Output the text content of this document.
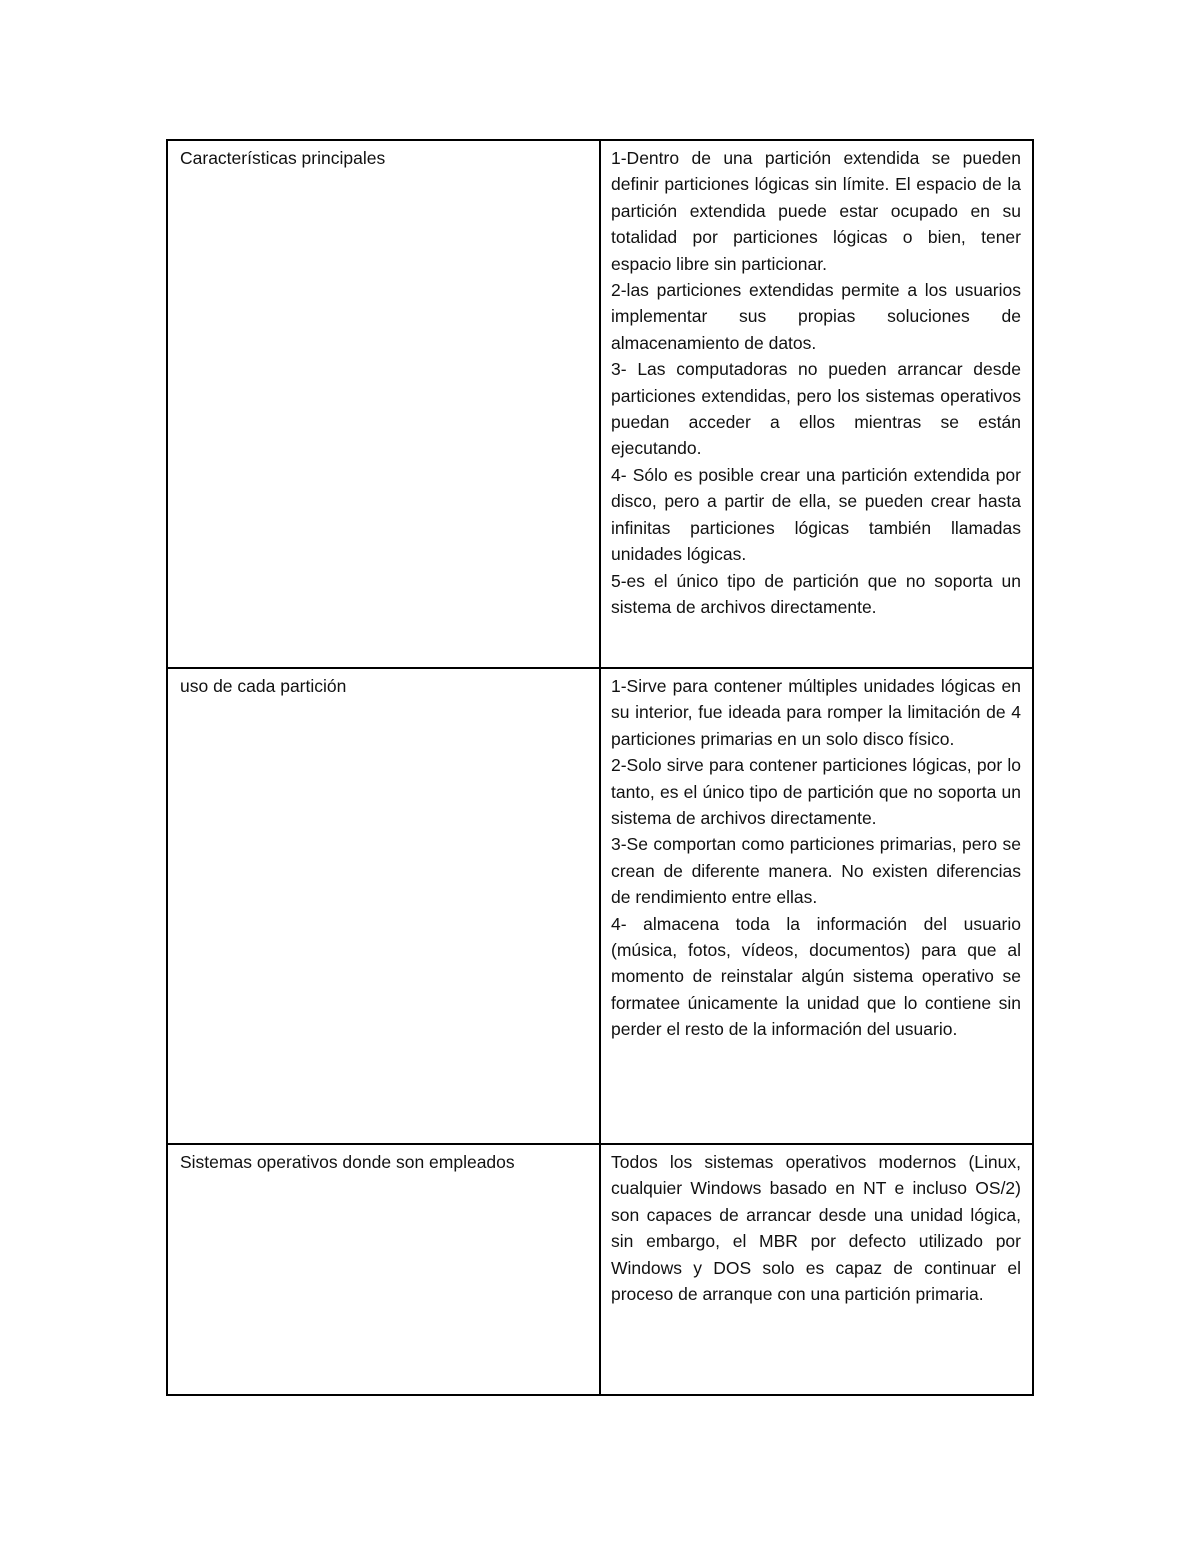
Características principales	1-Dentro de una partición extendida se pueden definir particiones lógicas sin límite. El espacio de la partición extendida puede estar ocupado en su totalidad por particiones lógicas o bien, tener espacio libre sin particionar.

2-las particiones extendidas permite a los usuarios implementar sus propias soluciones de almacenamiento de datos.

3- Las computadoras no pueden arrancar desde particiones extendidas, pero los sistemas operativos puedan acceder a ellos mientras se están ejecutando.

4- Sólo es posible crear una partición extendida por disco, pero a partir de ella, se pueden crear hasta infinitas particiones lógicas también llamadas unidades lógicas.

5-es el único tipo de partición que no soporta un sistema de archivos directamente.

uso de cada partición	1-Sirve para contener múltiples unidades lógicas en su interior, fue ideada para romper la limitación de 4 particiones primarias en un solo disco físico.

2-Solo sirve para contener particiones lógicas, por lo tanto, es el único tipo de partición que no soporta un sistema de archivos directamente.

3-Se comportan como particiones primarias, pero se crean de diferente manera. No existen diferencias de rendimiento entre ellas.

4- almacena toda la información del usuario (música, fotos, vídeos, documentos) para que al momento de reinstalar algún sistema operativo se formatee únicamente la unidad que lo contiene sin perder el resto de la información del usuario.

Sistemas operativos donde son empleados	Todos los sistemas operativos modernos (Linux, cualquier Windows basado en NT e incluso OS/2) son capaces de arrancar desde una unidad lógica, sin embargo, el MBR por defecto utilizado por Windows y DOS solo es capaz de continuar el proceso de arranque con una partición primaria.
